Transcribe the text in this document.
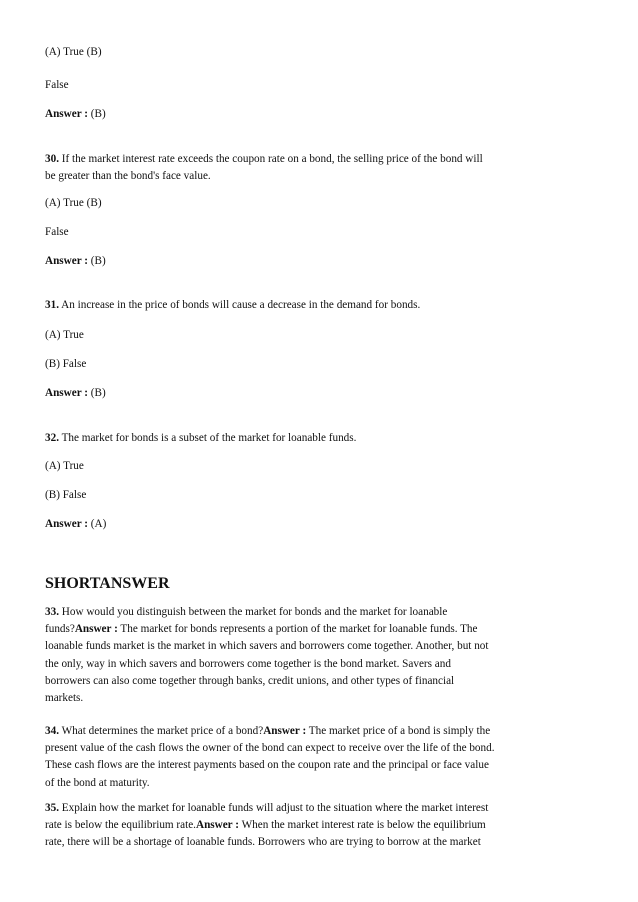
(A) True (B)
False
Answer : (B)
30. If the market interest rate exceeds the coupon rate on a bond, the selling price of the bond will
be greater than the bond's face value.
(A) True (B)
False
Answer : (B)
31. An increase in the price of bonds will cause a decrease in the demand for bonds.
(A) True
(B) False
Answer : (B)
32. The market for bonds is a subset of the market for loanable funds.
(A) True
(B) False
Answer : (A)
SHORTANSWER
33. How would you distinguish between the market for bonds and the market for loanable
funds?Answer : The market for bonds represents a portion of the market for loanable funds. The
loanable funds market is the market in which savers and borrowers come together. Another, but not
the only, way in which savers and borrowers come together is the bond market. Savers and
borrowers can also come together through banks, credit unions, and other types of financial
markets.
34. What determines the market price of a bond?Answer : The market price of a bond is simply the
present value of the cash flows the owner of the bond can expect to receive over the life of the bond.
These cash flows are the interest payments based on the coupon rate and the principal or face value
of the bond at maturity.
35. Explain how the market for loanable funds will adjust to the situation where the market interest
rate is below the equilibrium rate.Answer : When the market interest rate is below the equilibrium
rate, there will be a shortage of loanable funds. Borrowers who are trying to borrow at the market
